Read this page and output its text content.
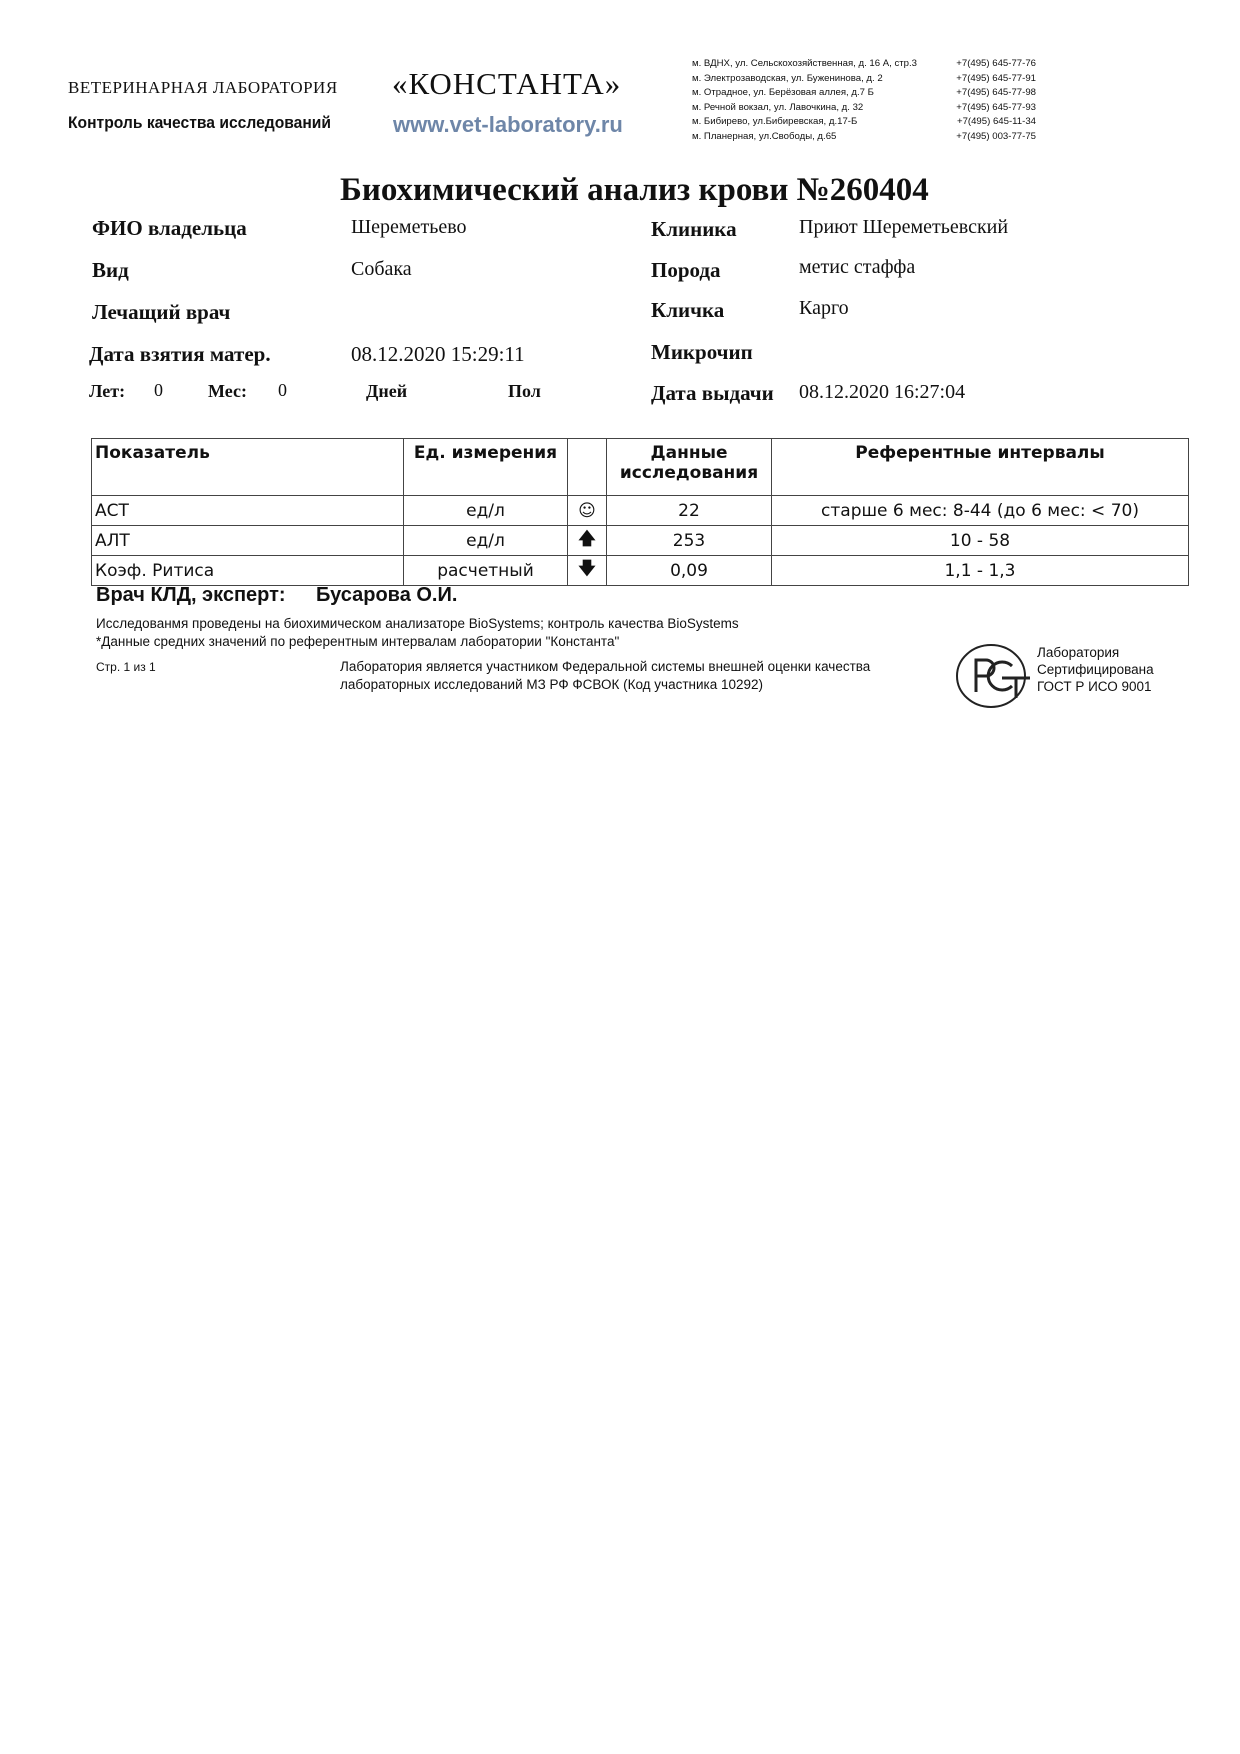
ВЕТЕРИНАРНАЯ ЛАБОРАТОРИЯ «КОНСТАНТА»
Контроль качества исследований	www.vet-laboratory.ru
м. ВДНХ, ул. Сельскохозяйственная, д. 16 А, стр.3	+7(495) 645-77-76
м. Электрозаводская, ул. Буженинова, д. 2	+7(495) 645-77-91
м. Отрадное, ул. Берёзовая аллея, д.7 Б	+7(495) 645-77-98
м. Речной вокзал, ул. Лавочкина, д. 32	+7(495) 645-77-93
м. Бибирево, ул.Бибиревская, д.17-Б	+7(495) 645-11-34
м. Планерная, ул.Свободы, д.65	+7(495) 003-77-75
Биохимический анализ крови №260404
ФИО владельца	Шереметьево
Вид	Собака
Лечащий врач
Дата взятия матер.	08.12.2020 15:29:11
Лет: 0	Мес: 0	Дней	Пол
Клиника	Приют Шереметьевский
Порода	метис стаффа
Кличка	Карго
Микрочип
Дата выдачи 08.12.2020 16:27:04
Показатель	Ед. измерения		Данные исследования	Референтные интервалы
АСТ	ед/л	☺	22	старше 6 мес: 8-44 (до 6 мес: < 70)
АЛТ	ед/л	🡅	253	10 - 58
Коэф. Ритиса	расчетный	🡇	0,09	1,1 - 1,3
Врач КЛД, эксперт: Бусарова О.И.
Исследованмя проведены на биохимическом анализаторе BioSystems; контроль качества BioSystems
*Данные средних значений по референтным интервалам лаборатории "Константа"
Стр. 1 из 1	Лаборатория является участником Федеральной системы внешней оценки качества
лабораторных исследований МЗ РФ ФСВОК (Код участника 10292)
Лаборатория
Сертифицирована
ГОСТ Р ИСО 9001
